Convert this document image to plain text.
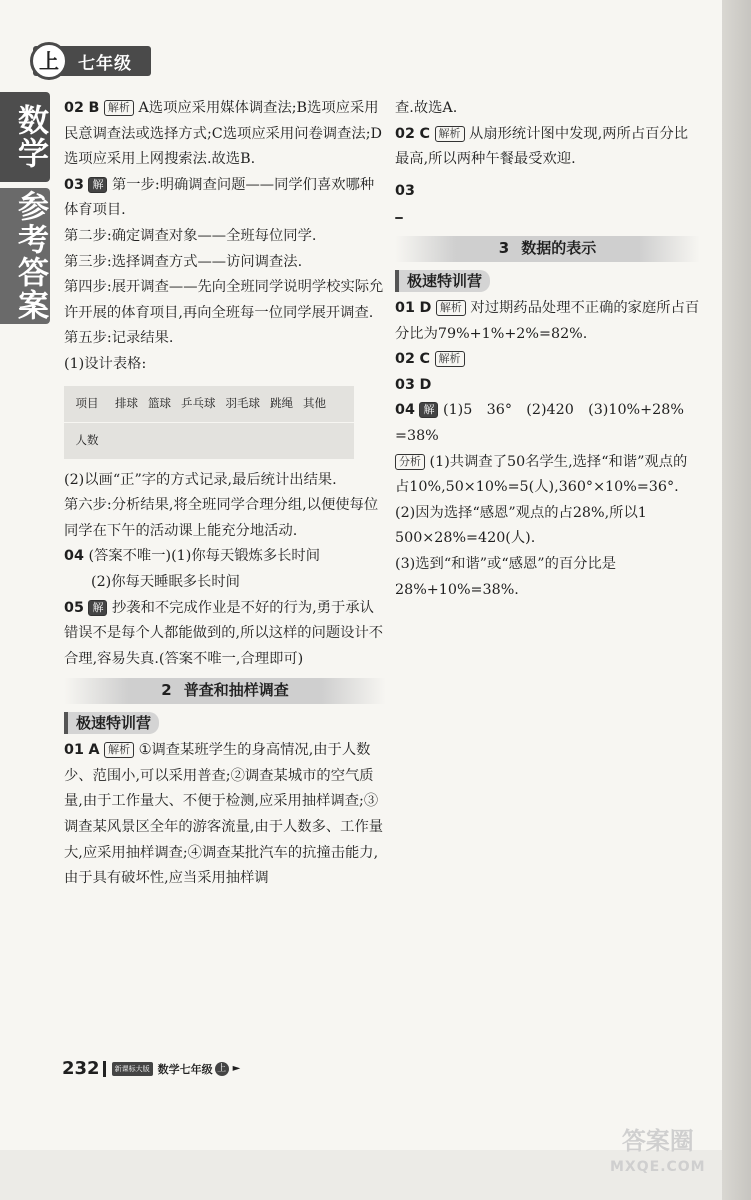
七年级
上
数学
参考答案

02 B 解析 A选项应采用媒体调查法;B选项应采用民意调查法或选择方式;C选项应采用问卷调查法;D选项应采用上网搜索法.故选B.

03 解 第一步:明确调查问题——同学们喜欢哪种体育项目.

第二步:确定调查对象——全班每位同学.

第三步:选择调查方式——访问调查法.

第四步:展开调查——先向全班同学说明学校实际允许开展的体育项目,再向全班每一位同学展开调查.

第五步:记录结果.

(1)设计表格:

项目	排球 篮球 乒乓球 羽毛球 跳绳 其他
人数

(2)以画“正”字的方式记录,最后统计出结果.

第六步:分析结果,将全班同学合理分组,以便使每位同学在下午的活动课上能充分地活动.

04 (答案不唯一)(1)你每天锻炼多长时间

(2)你每天睡眠多长时间

05 解 抄袭和不完成作业是不好的行为,勇于承认错误不是每个人都能做到的,所以这样的问题设计不合理,容易失真.(答案不唯一,合理即可)

2 普查和抽样调查
极速特训营

01 A 解析 ①调查某班学生的身高情况,由于人数少、范围小,可以采用普查;②调查某城市的空气质量,由于工作量大、不便于检测,应采用抽样调查;③调查某风景区全年的游客流量,由于人数多、工作量大,应采用抽样调查;④调查某批汽车的抗撞击能力,由于具有破坏性,应当采用抽样调

查.故选A.

02 C 解析 从扇形统计图中发现,两所占百分比最高,所以两种午餐最受欢迎.

03

3 数据的表示
极速特训营

01 D 解析 对过期药品处理不正确的家庭所占百分比为79%+1%+2%=82%.

02 C 解析

03 D

04 解 (1)5　36°　(2)420　(3)10%+28%

=38%

分析 (1)共调查了50名学生,选择“和谐”观点的占10%,50×10%=5(人),360°×10%=36°.

(2)因为选择“感恩”观点的占28%,所以1 500×28%=420(人).

(3)选到“和谐”或“感恩”的百分比是28%+10%=38%.

232	新课标大版 数学七年级 上 ►
答案圈
MXQE.COM
